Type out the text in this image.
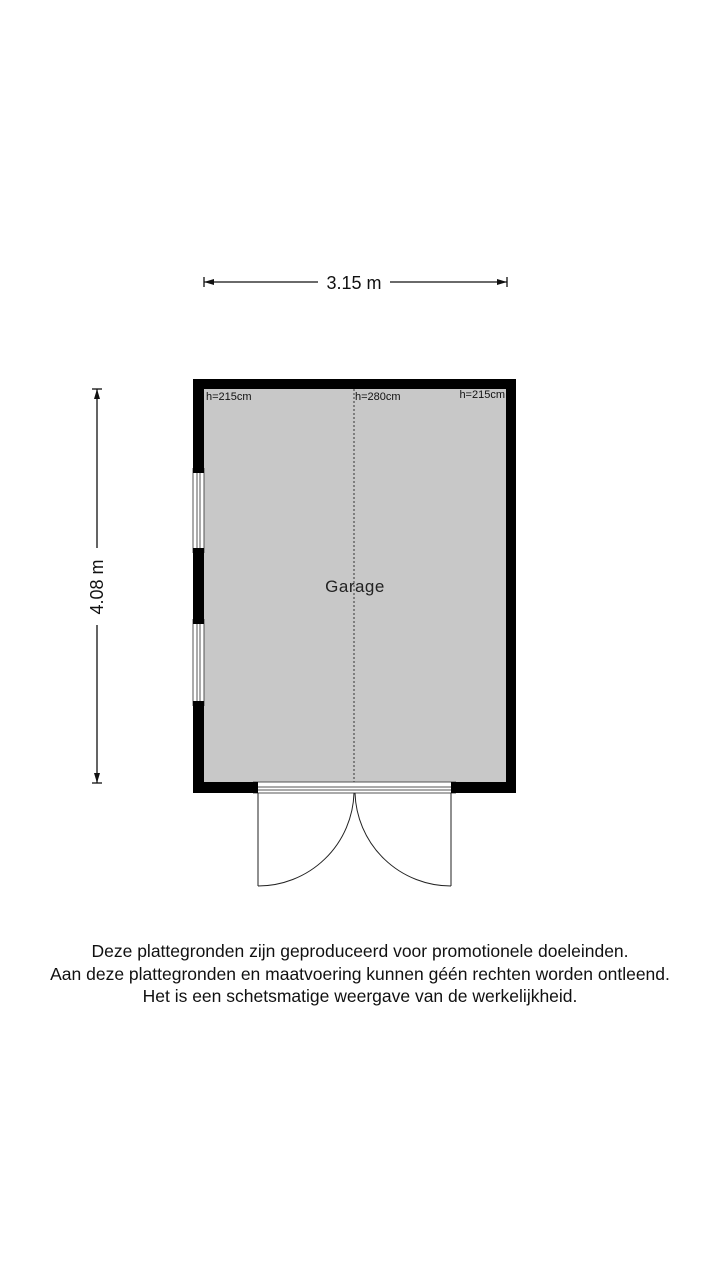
3.15 m
4.08 m
h=215cm	h=280cm	h=215cm
Garage
Deze plattegronden zijn geproduceerd voor promotionele doeleinden.
Aan deze plattegronden en maatvoering kunnen géén rechten worden ontleend.
Het is een schetsmatige weergave van de werkelijkheid.
